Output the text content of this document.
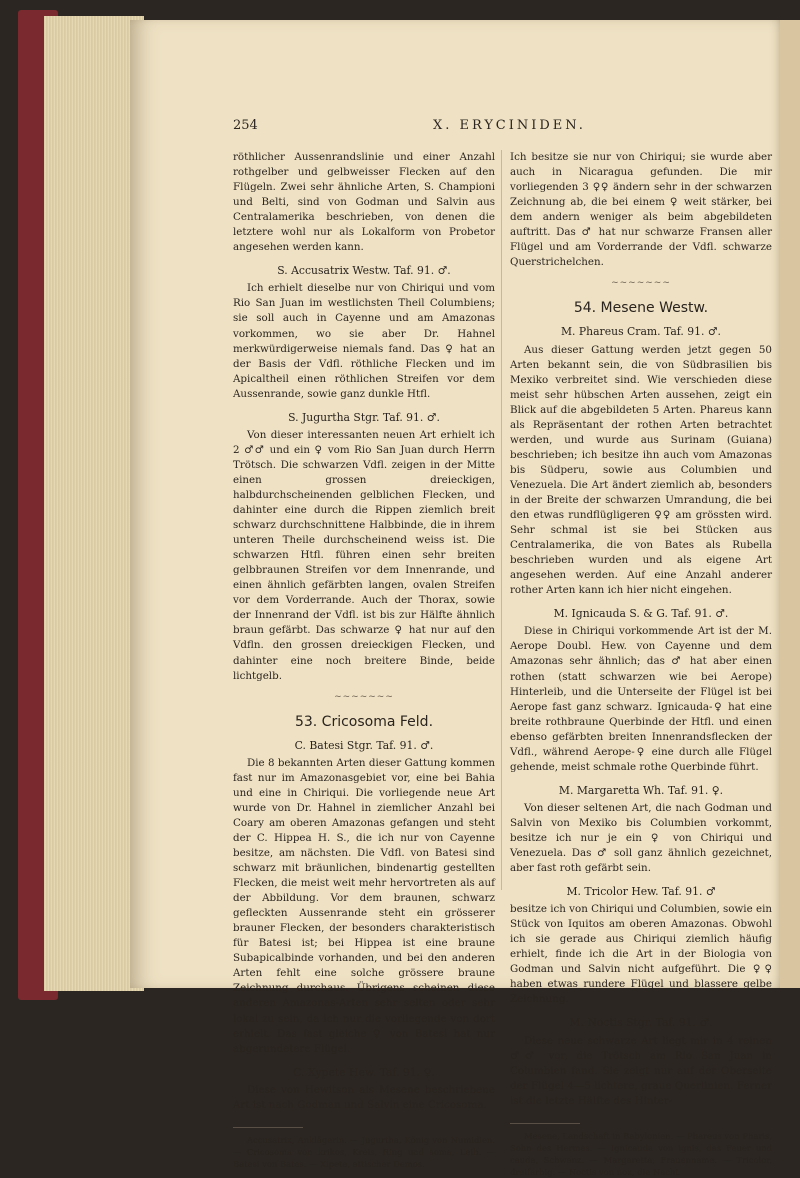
254	X. ERYCINIDEN.

röthlicher Aussenrandslinie und einer Anzahl rothgelber und gelbweisser Flecken auf den Flügeln. Zwei sehr ähnliche Arten, S. Championi und Belti, sind von Godman und Salvin aus Centralamerika beschrieben, von denen die letztere wohl nur als Lokalform von Probetor angesehen werden kann.

S. Accusatrix Westw. Taf. 91. ♂.

Ich erhielt dieselbe nur von Chiriqui und vom Rio San Juan im westlichsten Theil Columbiens; sie soll auch in Cayenne und am Amazonas vorkommen, wo sie aber Dr. Hahnel merkwürdigerweise niemals fand. Das ♀ hat an der Basis der Vdfl. röthliche Flecken und im Apicaltheil einen röthlichen Streifen vor dem Aussenrande, sowie ganz dunkle Htfl.

S. Jugurtha Stgr. Taf. 91. ♂.

Von dieser interessanten neuen Art erhielt ich 2 ♂♂ und ein ♀ vom Rio San Juan durch Herrn Trötsch. Die schwarzen Vdfl. zeigen in der Mitte einen grossen dreieckigen, halbdurchscheinenden gelblichen Flecken, und dahinter eine durch die Rippen ziemlich breit schwarz durchschnittene Halbbinde, die in ihrem unteren Theile durchscheinend weiss ist. Die schwarzen Htfl. führen einen sehr breiten gelbbraunen Streifen vor dem Innenrande, und einen ähnlich gefärbten langen, ovalen Streifen vor dem Vorderrande. Auch der Thorax, sowie der Innenrand der Vdfl. ist bis zur Hälfte ähnlich braun gefärbt. Das schwarze ♀ hat nur auf den Vdfln. den grossen dreieckigen Flecken, und dahinter eine noch breitere Binde, beide lichtgelb.

~~~~~~~
53. Cricosoma Feld.
C. Batesi Stgr. Taf. 91. ♂.

Die 8 bekannten Arten dieser Gattung kommen fast nur im Amazonasgebiet vor, eine bei Bahia und eine in Chiriqui. Die vorliegende neue Art wurde von Dr. Hahnel in ziemlicher Anzahl bei Coary am oberen Amazonas gefangen und steht der C. Hippea H. S., die ich nur von Cayenne besitze, am nächsten. Die Vdfl. von Batesi sind schwarz mit bräunlichen, bindenartig gestellten Flecken, die meist weit mehr hervortreten als auf der Abbildung. Vor dem braunen, schwarz gefleckten Aussenrande steht ein grösserer brauner Flecken, der besonders charakteristisch für Batesi ist; bei Hippea ist eine braune Subapicalbinde vorhanden, und bei den anderen Arten fehlt eine solche grössere braune Zeichnung durchaus. Übrigens scheinen diese anderen Amazonas-Arten sehr selten oder sehr lokal zu sein, da ich nur die vorliegende von dort erhielt. Das fast gleiche ♀ von Batesi hat nur abgerundetere Flügel.

C. Xypete Hew. Taf. 91. ♀.

Diese von Hewitson als Mesene beschriebene Art ist nach Godman und Salvin eine Cricosoma.

Accusatrix, Anklägerin. — Jugurtha, König von Numidien. — Cricosoma von krikos, Kreis, Ring und soma, Leib. — Batesi von Bates. — Xipete, attischer Demos.

Ich besitze sie nur von Chiriqui; sie wurde aber auch in Nicaragua gefunden. Die mir vorliegenden 3 ♀♀ ändern sehr in der schwarzen Zeichnung ab, die bei einem ♀ weit stärker, bei dem andern weniger als beim abgebildeten auftritt. Das ♂ hat nur schwarze Fransen aller Flügel und am Vorderrande der Vdfl. schwarze Querstrichelchen.

~~~~~~~
54. Mesene Westw.
M. Phareus Cram. Taf. 91. ♂.

Aus dieser Gattung werden jetzt gegen 50 Arten bekannt sein, die von Südbrasilien bis Mexiko verbreitet sind. Wie verschieden diese meist sehr hübschen Arten aussehen, zeigt ein Blick auf die abgebildeten 5 Arten. Phareus kann als Repräsentant der rothen Arten betrachtet werden, und wurde aus Surinam (Guiana) beschrieben; ich besitze ihn auch vom Amazonas bis Südperu, sowie aus Columbien und Venezuela. Die Art ändert ziemlich ab, besonders in der Breite der schwarzen Umrandung, die bei den etwas rundflügligeren ♀♀ am grössten wird. Sehr schmal ist sie bei Stücken aus Centralamerika, die von Bates als Rubella beschrieben wurden und als eigene Art angesehen werden. Auf eine Anzahl anderer rother Arten kann ich hier nicht eingehen.

M. Ignicauda S. & G. Taf. 91. ♂.

Diese in Chiriqui vorkommende Art ist der M. Aerope Doubl. Hew. von Cayenne und dem Amazonas sehr ähnlich; das ♂ hat aber einen rothen (statt schwarzen wie bei Aerope) Hinterleib, und die Unterseite der Flügel ist bei Aerope fast ganz schwarz. Ignicauda-♀ hat eine breite rothbraune Querbinde der Htfl. und einen ebenso gefärbten breiten Innenrandsflecken der Vdfl., während Aerope-♀ eine durch alle Flügel gehende, meist schmale rothe Querbinde führt.

M. Margaretta Wh. Taf. 91. ♀.

Von dieser seltenen Art, die nach Godman und Salvin von Mexiko bis Columbien vorkommt, besitze ich nur je ein ♀ von Chiriqui und Venezuela. Das ♂ soll ganz ähnlich gezeichnet, aber fast roth gefärbt sein.

M. Tricolor Hew. Taf. 91. ♂

besitze ich von Chiriqui und Columbien, sowie ein Stück von Iquitos am oberen Amazonas. Obwohl ich sie gerade aus Chiriqui ziemlich häufig erhielt, finde ich die Art in der Biologia von Godman und Salvin nicht aufgeführt. Die ♀♀ haben etwas rundere Flügel und blassere gelbe Zeichnung.

M. Noctis Stgr. Taf. 91. ♂.

Diese neue schwarze Art liegt mir in 4 reinen ♂♂ vor, die Trötsch am Rio San Juan in Columbien fand. Sie zeigt nur auf der Oberseite der Flügel 4—5 lichtere, graue Querlinien. Ferner ist die letzte Hälfte des Hinter-

Mesene, Landschaft in Babylonien. — Phareus von Pharis, Sohn des Hermes. — Ignicauda von ignis, das Feuer und cauda, Schwanz. — Margaretta, Frauenname. — Tricolor, dreifarbig. — Noctis von nox, die Nacht.
